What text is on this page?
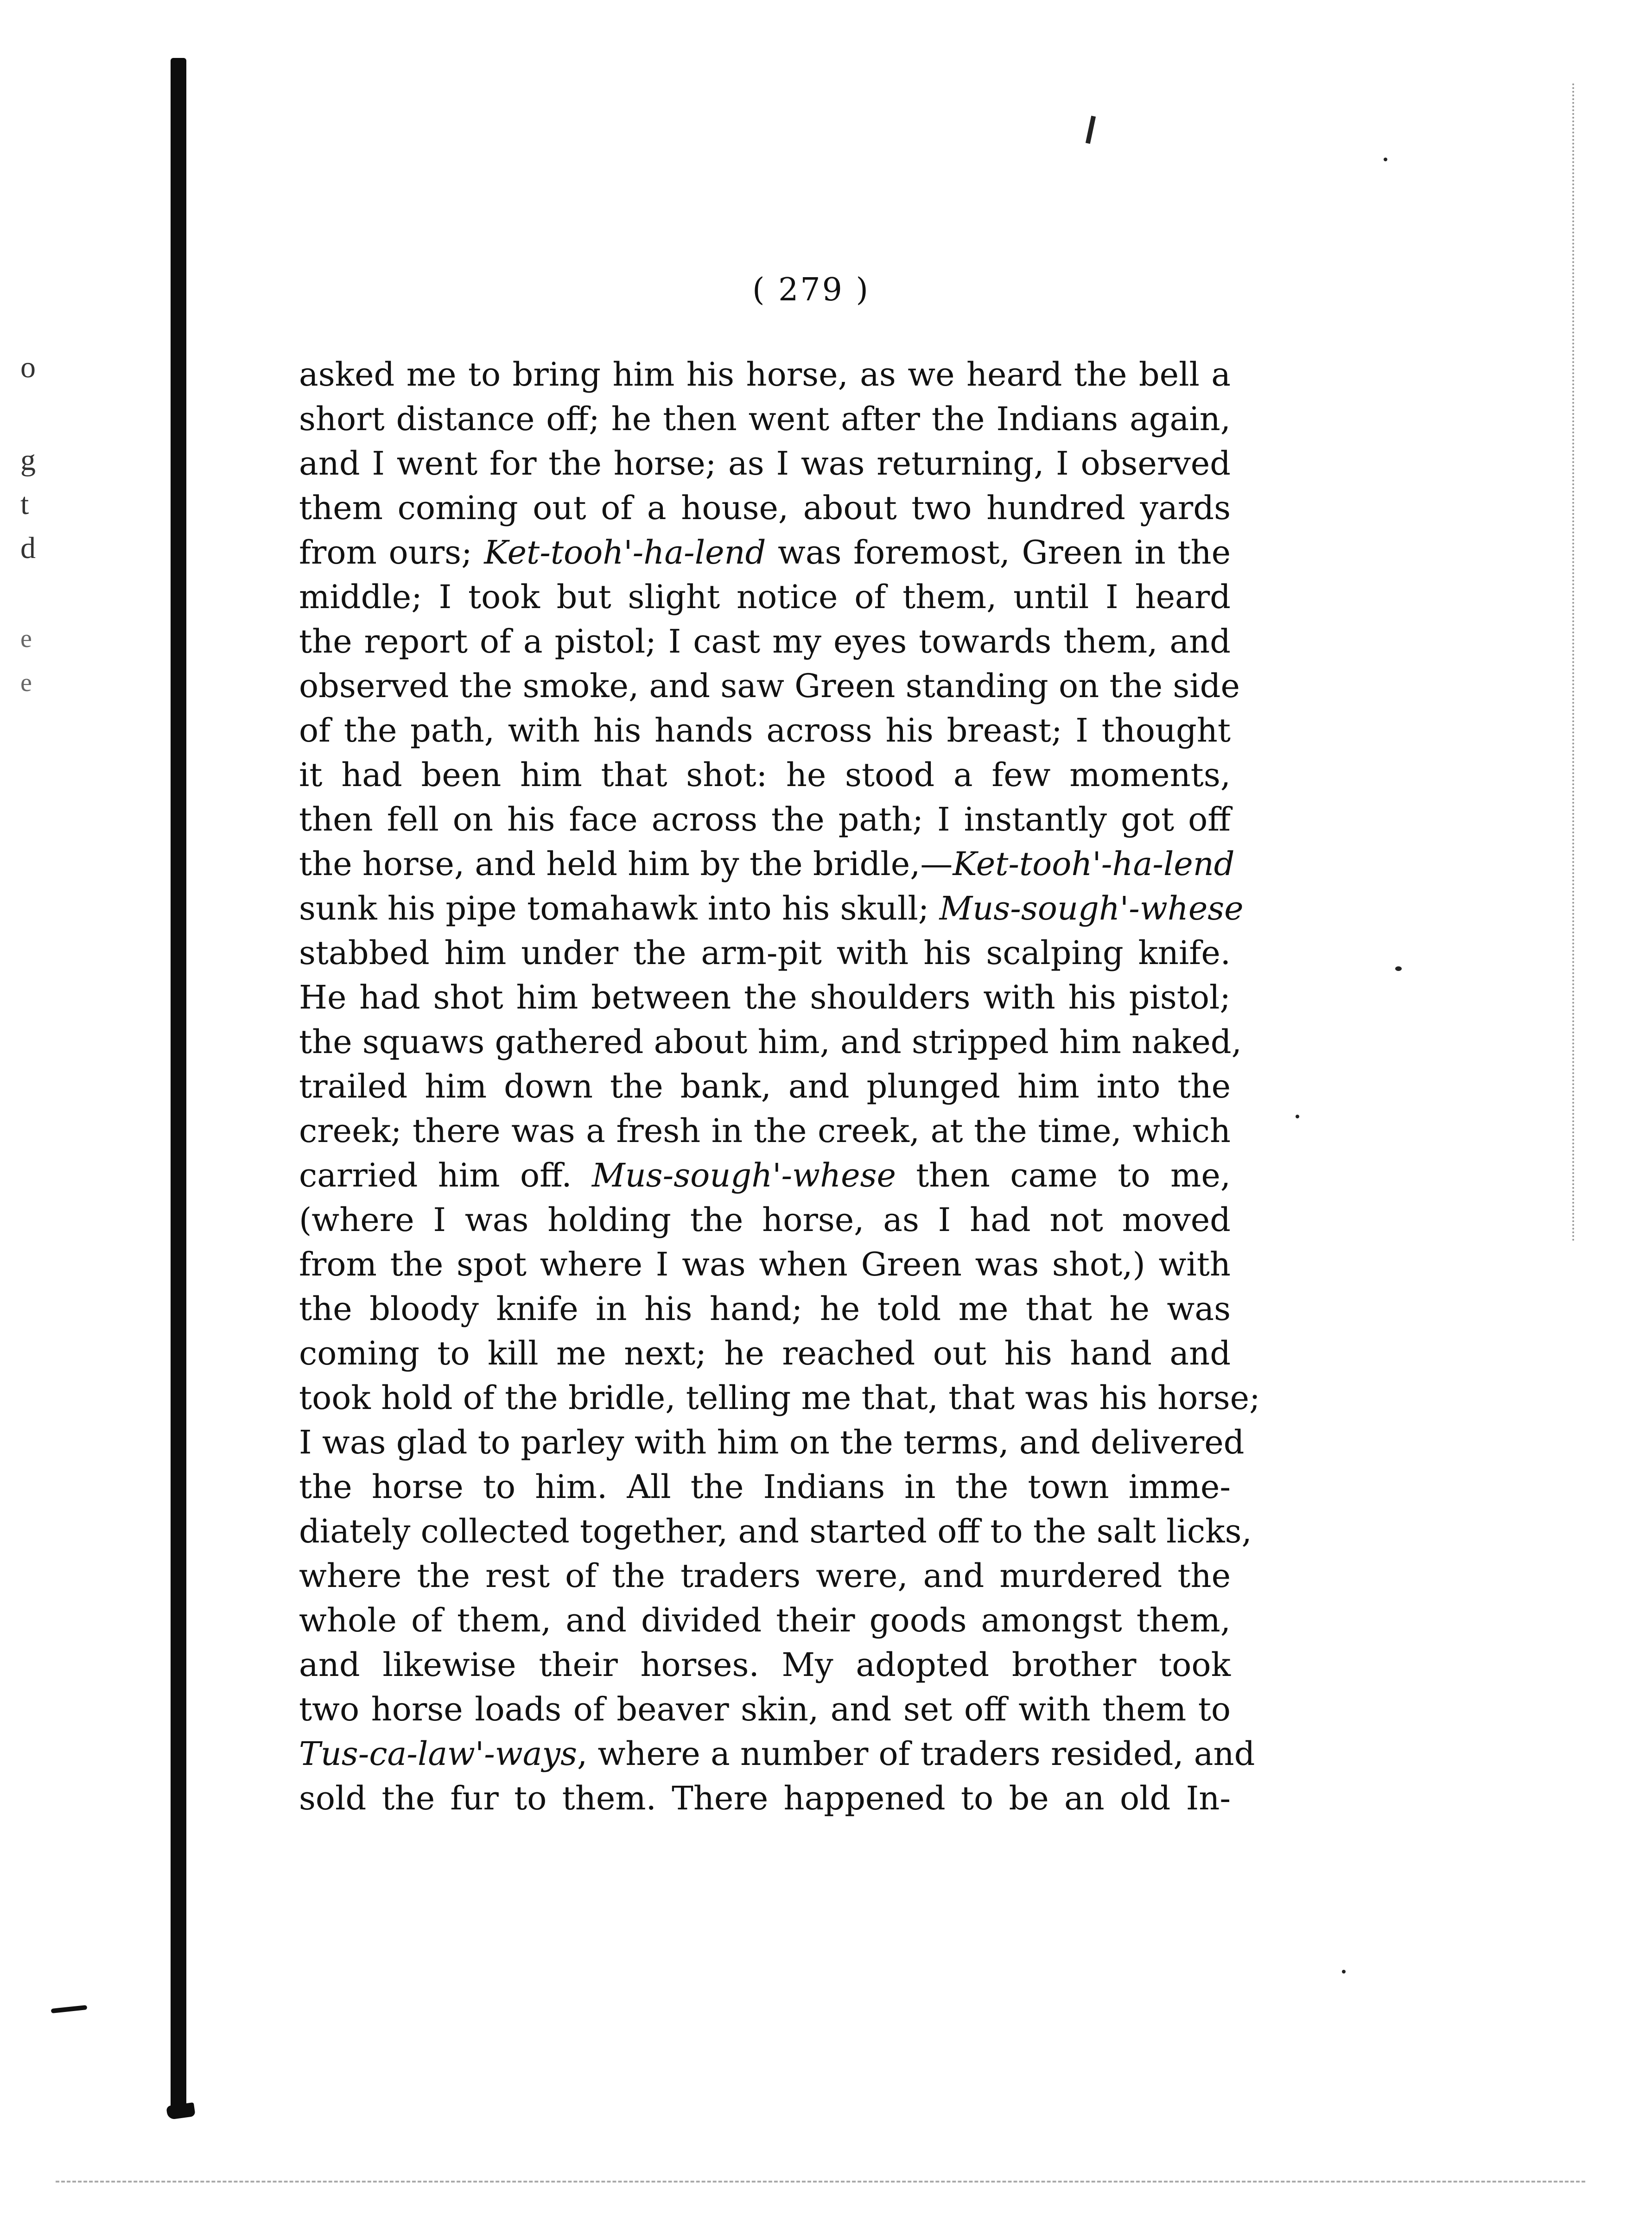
o
g
t
d
e
e
( 279 )
asked me to bring him his horse, as we heard the bell a
short distance off; he then went after the Indians again,
and I went for the horse; as I was returning, I observed
them coming out of a house, about two hundred yards
from ours; Ket-tooh'-ha-lend was foremost, Green in the
middle; I took but slight notice of them, until I heard
the report of a pistol; I cast my eyes towards them, and
observed the smoke, and saw Green standing on the side
of the path, with his hands across his breast; I thought
it had been him that shot: he stood a few moments,
then fell on his face across the path; I instantly got off
the horse, and held him by the bridle,—Ket-tooh'-ha-lend
sunk his pipe tomahawk into his skull; Mus-sough'-whese
stabbed him under the arm-pit with his scalping knife.
He had shot him between the shoulders with his pistol;
the squaws gathered about him, and stripped him naked,
trailed him down the bank, and plunged him into the
creek; there was a fresh in the creek, at the time, which
carried him off. Mus-sough'-whese then came to me,
(where I was holding the horse, as I had not moved
from the spot where I was when Green was shot,) with
the bloody knife in his hand; he told me that he was
coming to kill me next; he reached out his hand and
took hold of the bridle, telling me that, that was his horse;
I was glad to parley with him on the terms, and delivered
the horse to him. All the Indians in the town imme-
diately collected together, and started off to the salt licks,
where the rest of the traders were, and murdered the
whole of them, and divided their goods amongst them,
and likewise their horses. My adopted brother took
two horse loads of beaver skin, and set off with them to
Tus-ca-law'-ways, where a number of traders resided, and
sold the fur to them. There happened to be an old In-
